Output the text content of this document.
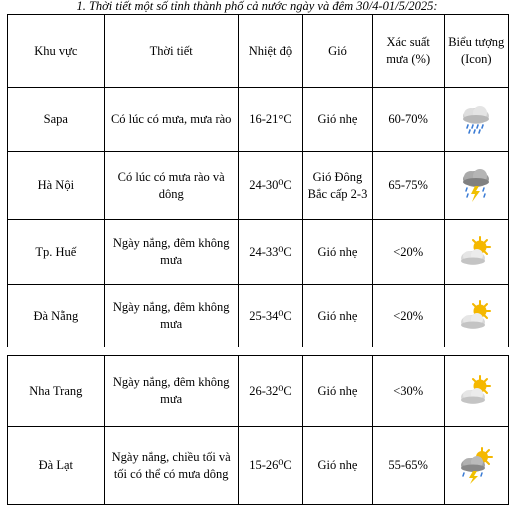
1. Thời tiết một số tỉnh thành phố cả nước ngày và đêm 30/4-01/5/2025:
Khu vực	Thời tiết	Nhiệt độ	Gió	Xác suất mưa (%)	Biểu tượng (Icon)
Sapa	Có lúc có mưa, mưa rào	16-21°C	Gió nhẹ	60-70%	

Hà Nội	Có lúc có mưa rào và dông	24-30⁰C	Gió Đông Bắc cấp 2-3	65-75%	

Tp. Huế	Ngày nắng, đêm không mưa	24-33⁰C	Gió nhẹ	<20%	

Đà Nẵng	Ngày nắng, đêm không mưa	25-34⁰C	Gió nhẹ	<20%	
Nha Trang	Ngày nắng, đêm không mưa	26-32⁰C	Gió nhẹ	<30%	

Đà Lạt	Ngày nắng, chiều tối và tối có thể có mưa dông	15-26⁰C	Gió nhẹ	55-65%	
